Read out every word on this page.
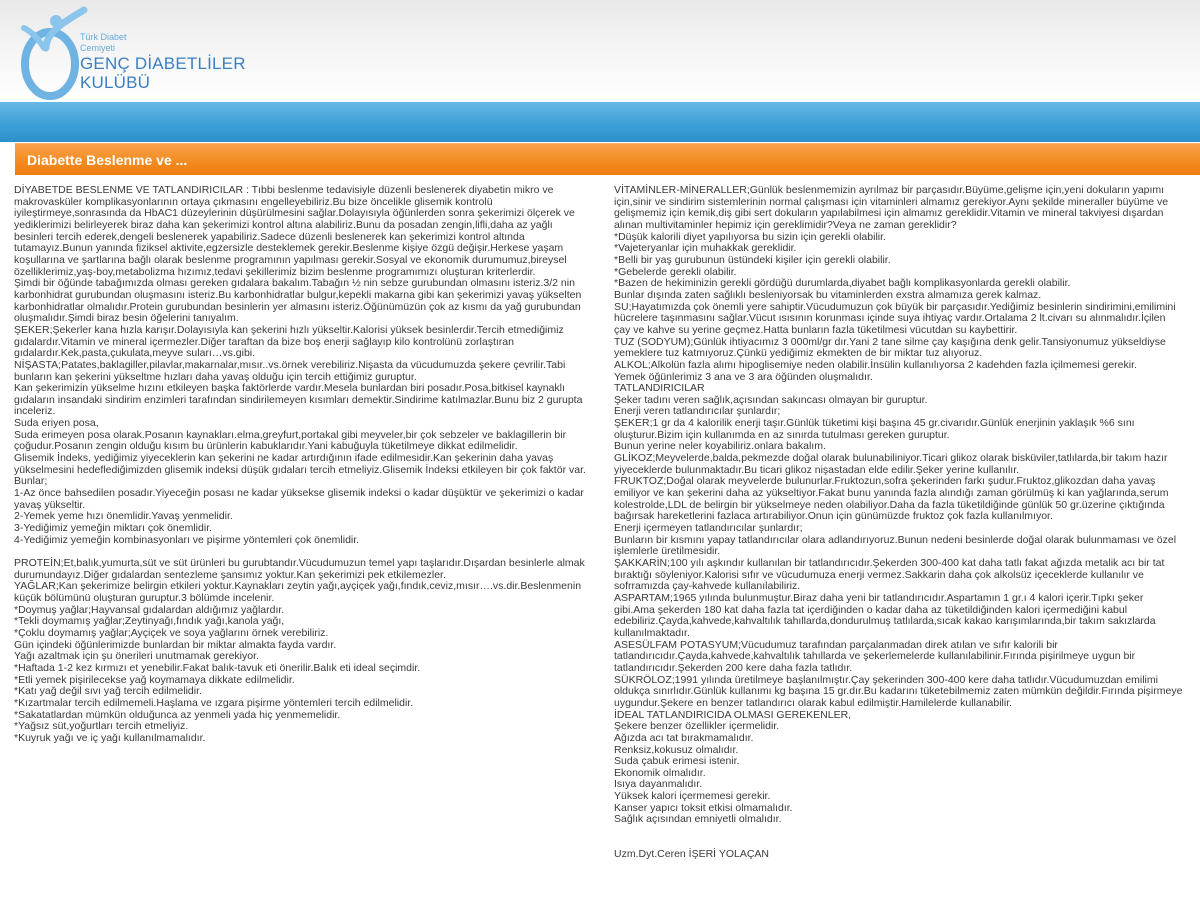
Türk Diabet
Cemiyeti
GENÇ DİABETLİLER
KULÜBÜ
Diabette Beslenme ve ...

DİYABETDE BESLENME VE TATLANDIRICILAR : Tıbbi beslenme tedavisiyle düzenli beslenerek diyabetin mikro ve makrovasküler komplikasyonlarının ortaya çıkmasını engelleyebiliriz.Bu bize öncelikle glisemik kontrolü iyileştirmeye,sonrasında da HbAC1 düzeylerinin düşürülmesini sağlar.Dolayısıyla öğünlerden sonra şekerimizi ölçerek ve yediklerimizi belirleyerek biraz daha kan şekerimizi kontrol altına alabiliriz.Bunu da posadan zengin,lifli,daha az yağlı besinleri tercih ederek,dengeli beslenerek yapabiliriz.Sadece düzenli beslenerek kan şekerimizi kontrol altında tutamayız.Bunun yanında fiziksel aktivite,egzersizle desteklemek gerekir.Beslenme kişiye özgü değişir.Herkese yaşam koşullarına ve şartlarına bağlı olarak beslenme programının yapılması gerekir.Sosyal ve ekonomik durumumuz,bireysel özelliklerimiz,yaş-boy,metabolizma hızımız,tedavi şekillerimiz bizim beslenme programımızı oluşturan kriterlerdir.

Şimdi bir öğünde tabağımızda olması gereken gıdalara bakalım.Tabağın ½ nin sebze gurubundan olmasını isteriz.3/2 nin karbonhidrat gurubundan oluşmasını isteriz.Bu karbonhidratlar bulgur,kepekli makarna gibi kan şekerimizi yavaş yükselten karbonhidratlar olmalıdır.Protein gurubundan besinlerin yer almasını isteriz.Öğünümüzün çok az kısmı da yağ gurubundan oluşmalıdır.Şimdi biraz besin öğelerini tanıyalım.

ŞEKER;Şekerler kana hızla karışır.Dolayısıyla kan şekerini hızlı yükseltir.Kalorisi yüksek besinlerdir.Tercih etmediğimiz gıdalardır.Vitamin ve mineral içermezler.Diğer taraftan da bize boş enerji sağlayıp kilo kontrolünü zorlaştıran gıdalardır.Kek,pasta,çukulata,meyve suları…vs.gibi.

NİŞASTA;Patates,baklagiller,pilavlar,makarnalar,mısır..vs.örnek verebiliriz.Nişasta da vücudumuzda şekere çevrilir.Tabi bunların kan şekerini yükseltme hızları daha yavaş olduğu için tercih ettiğimiz guruptur.

Kan şekerimizin yükselme hızını etkileyen başka faktörlerde vardır.Mesela bunlardan biri posadır.Posa,bitkisel kaynaklı gıdaların insandaki sindirim enzimleri tarafından sindirilemeyen kısımları demektir.Sindirime katılmazlar.Bunu biz 2 gurupta inceleriz.

Suda eriyen posa,

Suda erimeyen posa olarak.Posanın kaynakları.elma,greyfurt,portakal gibi meyveler,bir çok sebzeler ve baklagillerin bir çoğudur.Posanın zengin olduğu kısım bu ürünlerin kabuklarıdır.Yani kabuğuyla tüketilmeye dikkat edilmelidir.

Glisemik İndeks, yediğimiz yiyeceklerin kan şekerini ne kadar artırdığının ifade edilmesidir.Kan şekerinin daha yavaş yükselmesini hedeflediğimizden glisemik indeksi düşük gıdaları tercih etmeliyiz.Glisemik İndeksi etkileyen bir çok faktör var.

Bunlar;

1-Az önce bahsedilen posadır.Yiyeceğin posası ne kadar yüksekse glisemik indeksi o kadar düşüktür ve şekerimizi o kadar yavaş yükseltir.

2-Yemek yeme hızı önemlidir.Yavaş yenmelidir.

3-Yediğimiz yemeğin miktarı çok önemlidir.

4-Yediğimiz yemeğin kombinasyonları ve pişirme yöntemleri çok önemlidir.

PROTEİN;Et,balık,yumurta,süt ve süt ürünleri bu gurubtandır.Vücudumuzun temel yapı taşlarıdır.Dışardan besinlerle almak durumundayız.Diğer gıdalardan sentezleme şansımız yoktur.Kan şekerimizi pek etkilemezler.

YAĞLAR;Kan şekerimize belirgin etkileri yoktur.Kaynakları zeytin yağı,ayçiçek yağı,fındık,ceviz,mısır….vs.dir.Beslenmenin küçük bölümünü oluşturan guruptur.3 bölümde incelenir.

*Doymuş yağlar;Hayvansal gıdalardan aldığımız yağlardır.

*Tekli doymamış yağlar;Zeytinyağı,fındık yağı,kanola yağı,

*Çoklu doymamış yağlar;Ayçiçek ve soya yağlarını örnek verebiliriz.

Gün içindeki öğünlerimizde bunlardan bir miktar almakta fayda vardır.

Yağı azaltmak için şu önerileri unutmamak gerekiyor.

*Haftada 1-2 kez kırmızı et yenebilir.Fakat balık-tavuk eti önerilir.Balık eti ideal seçimdir.

*Etli yemek pişirilecekse yağ koymamaya dikkate edilmelidir.

*Katı yağ değil sıvı yağ tercih edilmelidir.

*Kızartmalar tercih edilmemeli.Haşlama ve ızgara pişirme yöntemleri tercih edilmelidir.

*Sakatatlardan mümkün olduğunca az yenmeli yada hiç yenmemelidir.

*Yağsız süt,yoğurtları tercih etmeliyiz.

*Kuyruk yağı ve iç yağı kullanılmamalıdır.

VİTAMİNLER-MİNERALLER;Günlük beslenmemizin ayrılmaz bir parçasıdır.Büyüme,gelişme için,yeni dokuların yapımı için,sinir ve sindirim sistemlerinin normal çalışması için vitaminleri almamız gerekiyor.Aynı şekilde mineraller büyüme ve gelişmemiz için kemik,diş gibi sert dokuların yapılabilmesi için almamız gereklidir.Vitamin ve mineral takviyesi dışardan alınan multivitaminler hepimiz için gereklimidir?Veya ne zaman gereklidir?

*Düşük kalorili diyet yapılıyorsa bu sizin için gerekli olabilir.

*Vajeteryanlar için muhakkak gereklidir.

*Belli bir yaş gurubunun üstündeki kişiler için gerekli olabilir.

*Gebelerde gerekli olabilir.

*Bazen de hekiminizin gerekli gördüğü durumlarda,diyabet bağlı komplikasyonlarda gerekli olabilir.

Bunlar dışında zaten sağlıklı besleniyorsak bu vitaminlerden exstra almamıza gerek kalmaz.

SU;Hayatımızda çok önemli yere sahiptir.Vücudumuzun çok büyük bir parçasıdır.Yediğimiz besinlerin sindirimini,emilimini hücrelere taşınmasını sağlar.Vücut ısısının korunması içinde suya ihtiyaç vardır.Ortalama 2 lt.civarı su alınmalıdır.İçilen çay ve kahve su yerine geçmez.Hatta bunların fazla tüketilmesi vücutdan su kaybettirir.

TUZ (SODYUM);Günlük ihtiyacımız 3 000ml/gr dır.Yani 2 tane silme çay kaşığına denk gelir.Tansiyonumuz yükseldiyse yemeklere tuz katmıyoruz.Çünkü yediğimiz ekmekten de bir miktar tuz alıyoruz.

ALKOL;Alkolün fazla alımı hipoglisemiye neden olabilir.İnsülin kullanılıyorsa 2 kadehden fazla içilmemesi gerekir.

Yemek öğünlerimiz 3 ana ve 3 ara öğünden oluşmalıdır.

TATLANDIRICILAR

Şeker tadını veren sağlık,açısından sakıncası olmayan bir guruptur.

Enerji veren tatlandırıcılar şunlardır;

ŞEKER;1 gr da 4 kalorilik enerji taşır.Günlük tüketimi kişi başına 45 gr.civarıdır.Günlük enerjinin yaklaşık %6 sını oluşturur.Bizim için kullanımda en az sınırda tutulması gereken guruptur.

Bunun yerine neler koyabiliriz.onlara bakalım.

GLİKOZ;Meyvelerde,balda,pekmezde doğal olarak bulunabiliniyor.Ticari glikoz olarak bisküviler,tatlılarda,bir takım hazır yiyeceklerde bulunmaktadır.Bu ticari glikoz nişastadan elde edilir.Şeker yerine kullanılır.

FRUKTOZ;Doğal olarak meyvelerde bulunurlar.Fruktozun,sofra şekerinden farkı şudur.Fruktoz,glikozdan daha yavaş emiliyor ve kan şekerini daha az yükseltiyor.Fakat bunu yanında fazla alındığı zaman görülmüş ki kan yağlarında,serum kolestrolde,LDL de belirgin bir yükselmeye neden olabiliyor.Daha da fazla tüketildiğinde günlük 50 gr.üzerine çıktığında bağırsak hareketlerini fazlaca artırabiliyor.Onun için günümüzde fruktoz çok fazla kullanılmıyor.

Enerji içermeyen tatlandırıcılar şunlardır;

Bunların bir kısmını yapay tatlandırıcılar olara adlandırıyoruz.Bunun nedeni besinlerde doğal olarak bulunmaması ve özel işlemlerle üretilmesidir.

ŞAKKARİN;100 yılı aşkındır kullanılan bir tatlandırıcıdır.Şekerden 300-400 kat daha tatlı fakat ağızda metalik acı bir tat bıraktığı söyleniyor.Kalorisi sıfır ve vücudumuza enerji vermez.Sakkarin daha çok alkolsüz içeceklerde kullanılır ve sofrramızda çay-kahvede kullanılabiliriz.

ASPARTAM;1965 yılında bulunmuştur.Biraz daha yeni bir tatlandırıcıdır.Aspartamın 1 gr.ı 4 kalori içerir.Tıpkı şeker gibi.Ama şekerden 180 kat daha fazla tat içerdiğinden o kadar daha az tüketildiğinden kalori içermediğini kabul edebiliriz.Çayda,kahvede,kahvaltılık tahıllarda,dondurulmuş tatlılarda,sıcak kakao karışımlarında,bir takım sakızlarda kullanılmaktadır.

ASESÜLFAM POTASYUM;Vücudumuz tarafından parçalanmadan direk atılan ve sıfır kalorili bir tatlandırıcıdır.Çayda,kahvede,kahvaltılık tahıllarda ve şekerlemelerde kullanılabilinir.Fırında pişirilmeye uygun bir tatlandırıcıdır.Şekerden 200 kere daha fazla tatlıdır.

SÜKRÖLOZ;1991 yılında üretilmeye başlanılmıştır.Çay şekerinden 300-400 kere daha tatlıdır.Vücudumuzdan emilimi oldukça sınırlıdır.Günlük kullanımı kg başına 15 gr.dır.Bu kadarını tüketebilmemiz zaten mümkün değildir.Fırında pişirmeye uygundur.Şekere en benzer tatlandırıcı olarak kabul edilmiştir.Hamilelerde kullanabilir.

İDEAL TATLANDIRICIDA OLMASI GEREKENLER,

Şekere benzer özellikler içermelidir.

Ağızda acı tat bırakmamalıdır.

Renksiz,kokusuz olmalıdır.

Suda çabuk erimesi istenir.

Ekonomik olmalıdır.

Isıya dayanmalıdır.

Yüksek kalori içermemesi gerekir.

Kanser yapıcı toksit etkisi olmamalıdır.

Sağlık açısından emniyetli olmalıdır.

Uzm.Dyt.Ceren İŞERİ YOLAÇAN
